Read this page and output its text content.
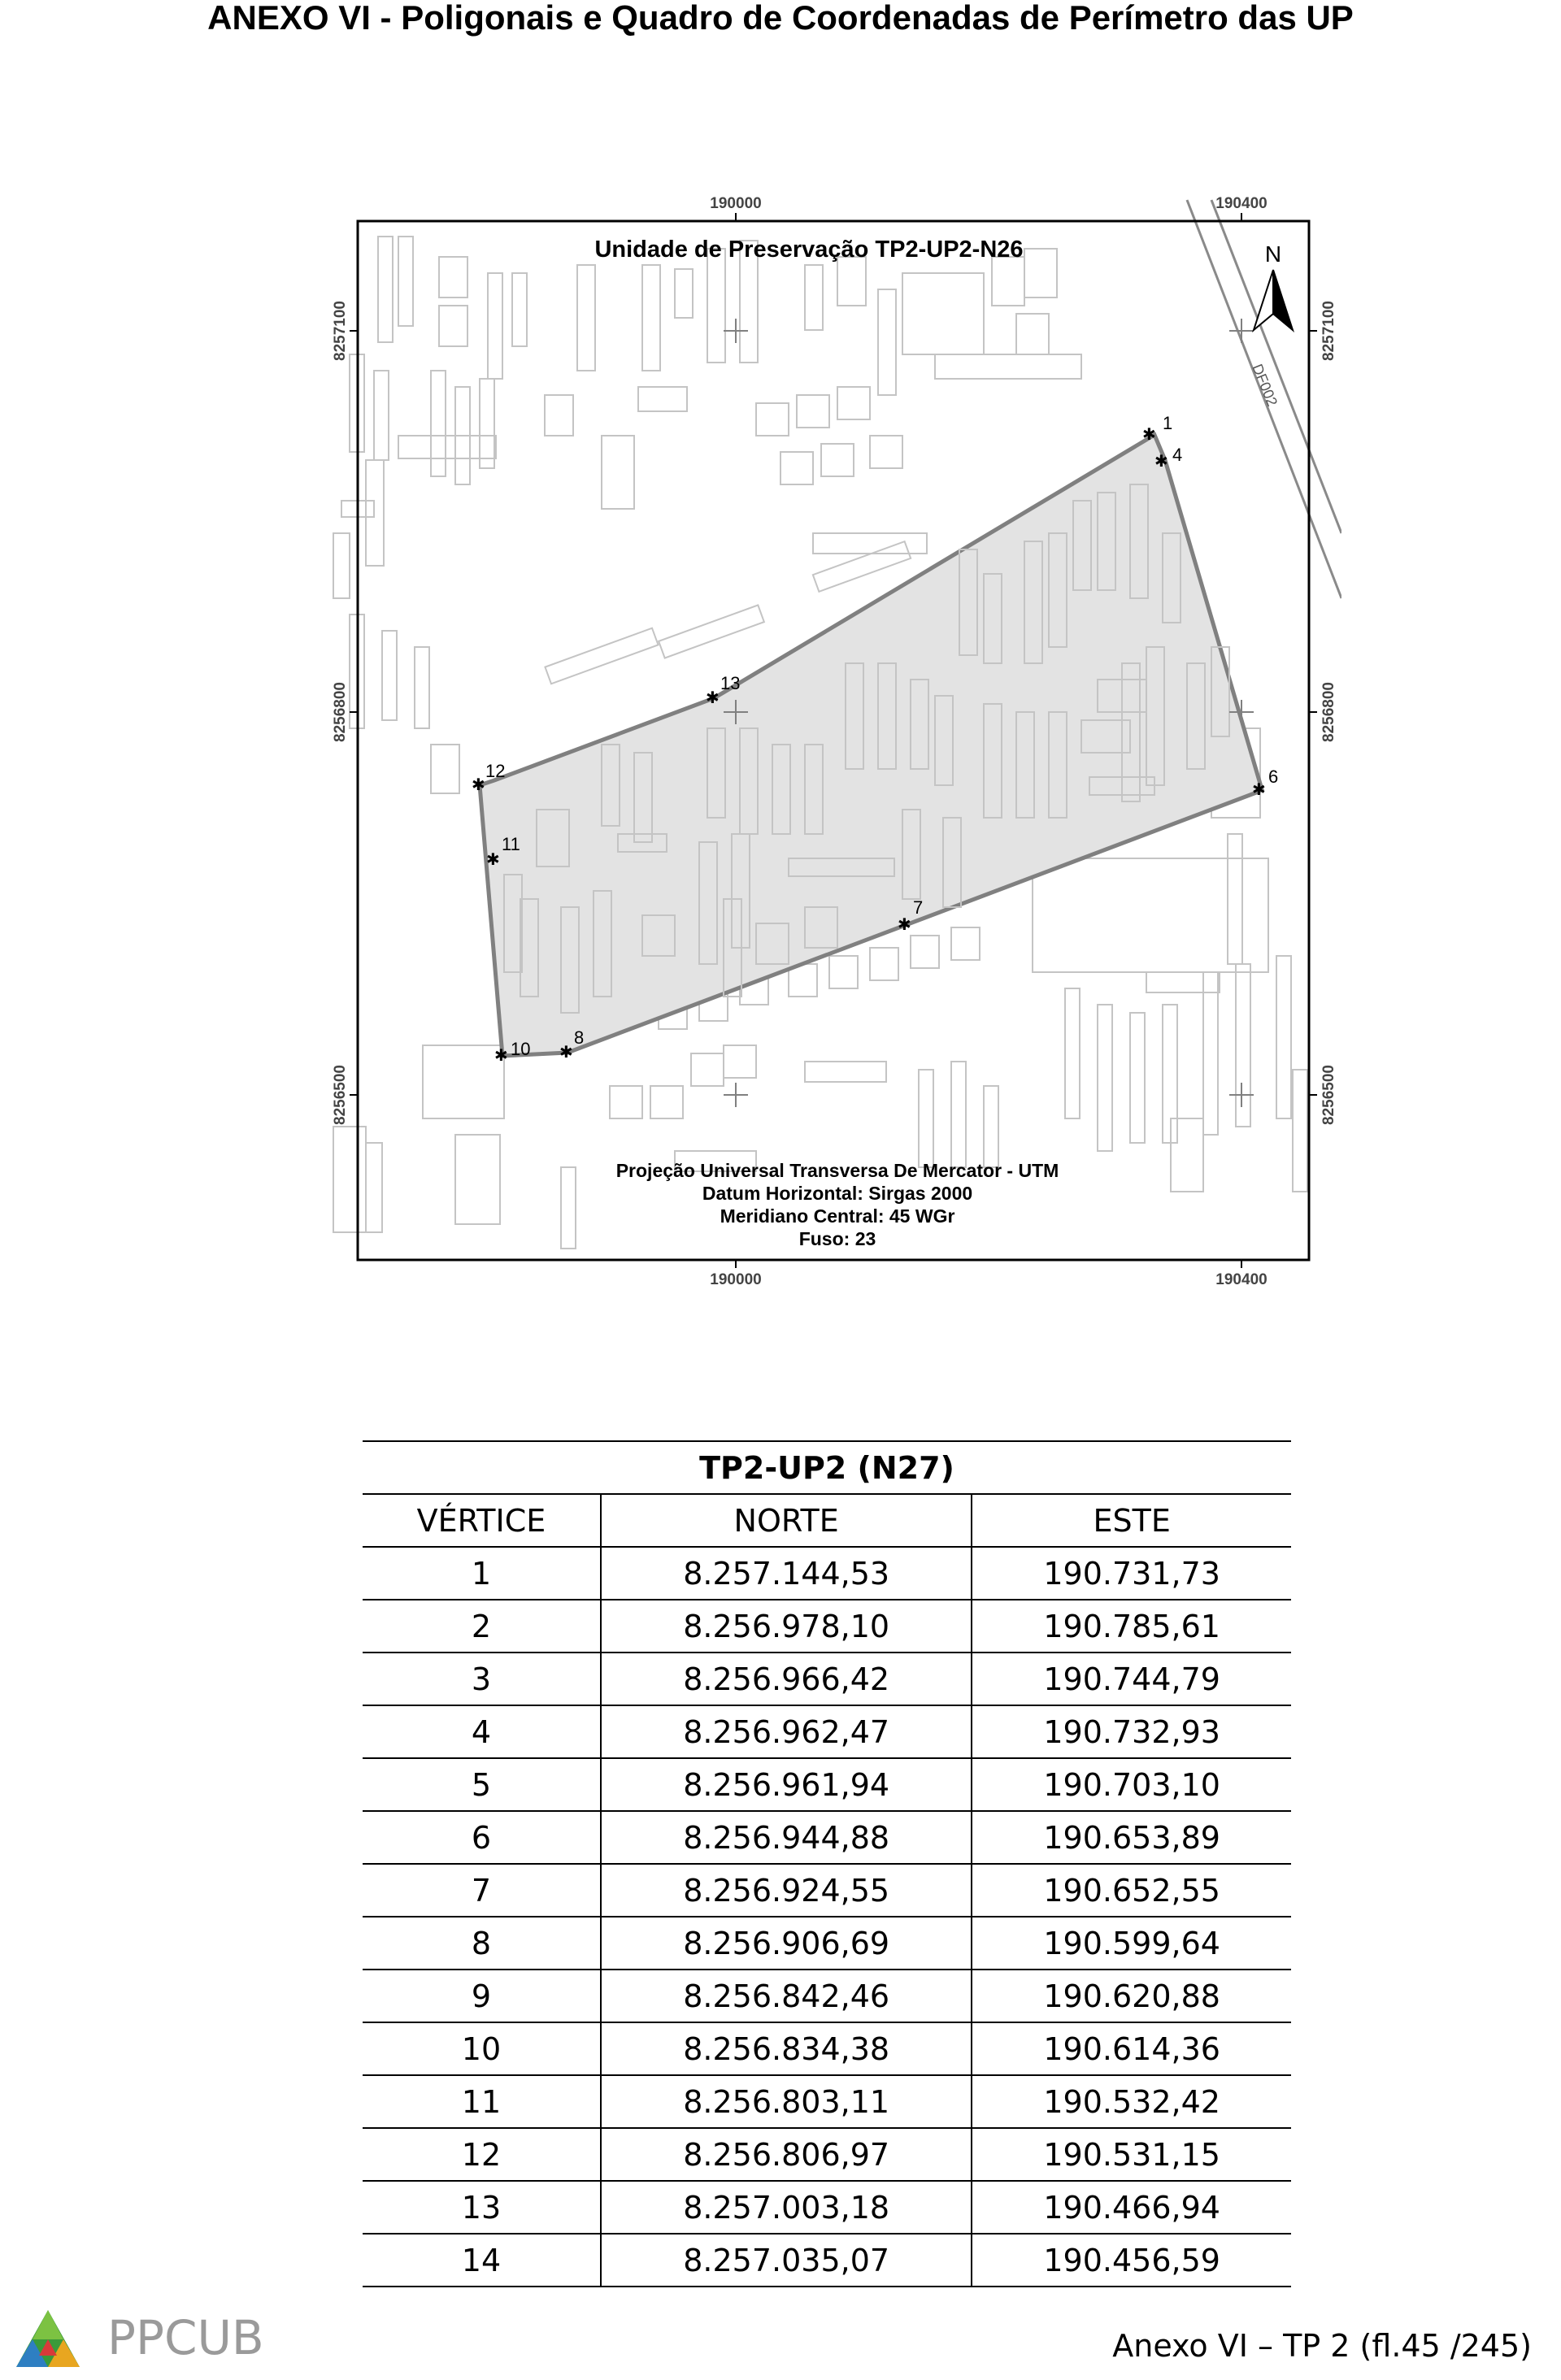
ANEXO VI - Poligonais e Quadro de Coordenadas de Perímetro das UP
DF002
✱
1
✱ 4
✱
6
✱
7
✱
8
✱ 10
✱
11
✱
12
✱
13
190000	190400
190000	190400
8257100
8256800
8256500
8257100
8256800
8256500
Unidade de Preservação TP2-UP2-N26	N
Projeção Universal Transversa De Mercator - UTM
Datum Horizontal: Sirgas 2000
Meridiano Central: 45 WGr
Fuso: 23
TP2-UP2 (N27)		
VÉRTICE	NORTE	ESTE
1	8.257.144,53	190.731,73
2	8.256.978,10	190.785,61
3	8.256.966,42	190.744,79
4	8.256.962,47	190.732,93
5	8.256.961,94	190.703,10
6	8.256.944,88	190.653,89
7	8.256.924,55	190.652,55
8	8.256.906,69	190.599,64
9	8.256.842,46	190.620,88
10	8.256.834,38	190.614,36
11	8.256.803,11	190.532,42
12	8.256.806,97	190.531,15
13	8.257.003,18	190.466,94
14	8.257.035,07	190.456,59
PPCUB	Anexo VI – TP 2 (fl.45 /245)
